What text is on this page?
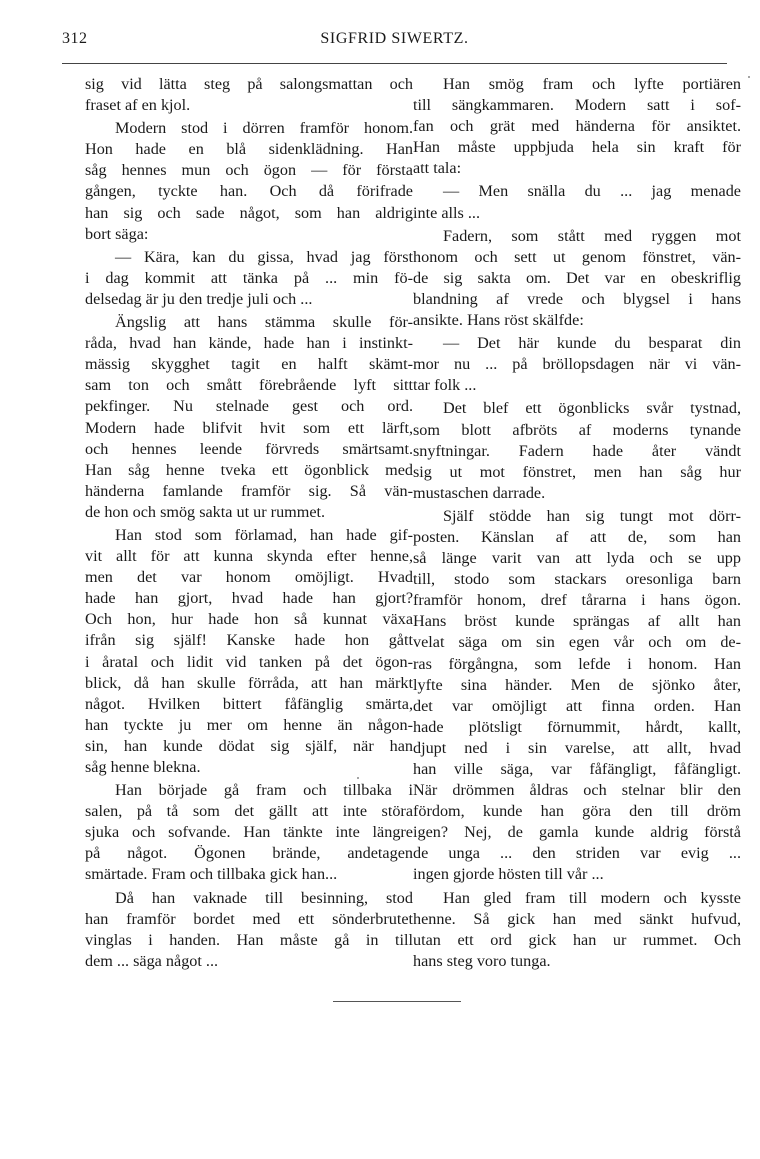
312	SIGFRID SIWERTZ.
sig vid lätta steg på salongsmattan och
fraset af en kjol.
Modern stod i dörren framför honom.
Hon hade en blå sidenklädning. Han
såg hennes mun och ögon — för första
gången, tyckte han. Och då förifrade
han sig och sade något, som han aldrig
bort säga:
— Kära, kan du gissa, hvad jag först
i dag kommit att tänka på ... min fö-
delsedag är ju den tredje juli och ...
Ängslig att hans stämma skulle för-
råda, hvad han kände, hade han i instinkt-
mässig skygghet tagit en halft skämt-
sam ton och smått förebrående lyft sitt
pekfinger. Nu stelnade gest och ord.
Modern hade blifvit hvit som ett lärft,
och hennes leende förvreds smärtsamt.
Han såg henne tveka ett ögonblick med
händerna famlande framför sig. Så vän-
de hon och smög sakta ut ur rummet.
Han stod som förlamad, han hade gif-
vit allt för att kunna skynda efter henne,
men det var honom omöjligt. Hvad
hade han gjort, hvad hade han gjort?
Och hon, hur hade hon så kunnat växa
ifrån sig själf! Kanske hade hon gått
i åratal och lidit vid tanken på det ögon-
blick, då han skulle förråda, att han märkt
något. Hvilken bittert fåfänglig smärta,
han tyckte ju mer om henne än någon-
sin, han kunde dödat sig själf, när han
såg henne blekna.
Han började gå fram och tillbaka i
salen, på tå som det gällt att inte störa
sjuka och sofvande. Han tänkte inte längre
på något. Ögonen brände, andetagen
smärtade. Fram och tillbaka gick han...
Då han vaknade till besinning, stod
han framför bordet med ett sönderbrutet
vinglas i handen. Han måste gå in till
dem ... säga något ...
Han smög fram och lyfte portiären
till sängkammaren. Modern satt i sof-
fan och grät med händerna för ansiktet.
Han måste uppbjuda hela sin kraft för
att tala:
— Men snälla du ... jag menade
inte alls ...
Fadern, som stått med ryggen mot
honom och sett ut genom fönstret, vän-
de sig sakta om. Det var en obeskriflig
blandning af vrede och blygsel i hans
ansikte. Hans röst skälfde:
— Det här kunde du besparat din
mor nu ... på bröllopsdagen när vi vän-
tar folk ...
Det blef ett ögonblicks svår tystnad,
som blott afbröts af moderns tynande
snyftningar. Fadern hade åter vändt
sig ut mot fönstret, men han såg hur
mustaschen darrade.
Själf stödde han sig tungt mot dörr-
posten. Känslan af att de, som han
så länge varit van att lyda och se upp
till, stodo som stackars oresonliga barn
framför honom, dref tårarna i hans ögon.
Hans bröst kunde sprängas af allt han
velat säga om sin egen vår och om de-
ras förgångna, som lefde i honom. Han
lyfte sina händer. Men de sjönko åter,
det var omöjligt att finna orden. Han
hade plötsligt förnummit, hårdt, kallt,
djupt ned i sin varelse, att allt, hvad
han ville säga, var fåfängligt, fåfängligt.
När drömmen åldras och stelnar blir den
fördom, kunde han göra den till dröm
igen? Nej, de gamla kunde aldrig förstå
de unga ... den striden var evig ...
ingen gjorde hösten till vår ...
Han gled fram till modern och kysste
henne. Så gick han med sänkt hufvud,
utan ett ord gick han ur rummet. Och
hans steg voro tunga.
